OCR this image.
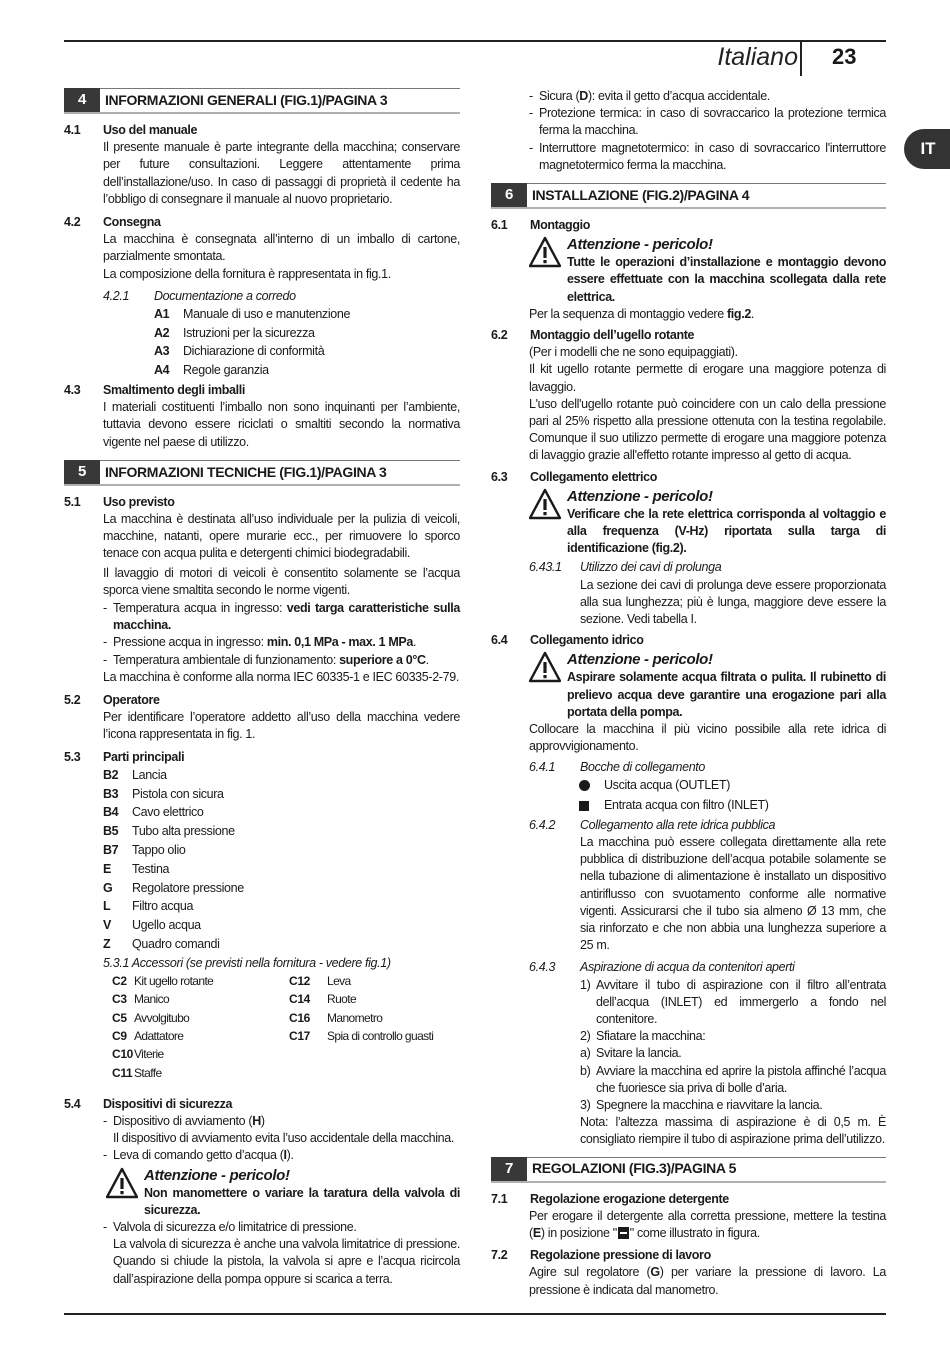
Italiano 23
IT
4	INFORMAZIONI GENERALI (FIG.1)/PAGINA 3
4.1	Uso del manuale
Il presente manuale è parte integrante della macchina; conservare per future consultazioni. Leggere attentamente prima dell’installazione/uso. In caso di passaggi di proprietà il cedente ha l’obbligo di consegnare il manuale al nuovo proprietario.
4.2	Consegna

La macchina è consegnata all’interno di un imballo di cartone, parzialmente smontata.

La composizione della fornitura è rappresentata in fig.1.

4.2.1	Documentazione a corredo
A1	Manuale di uso e manutenzione
A2	Istruzioni per la sicurezza
A3	Dichiarazione di conformità
A4	Regole garanzia
4.3	Smaltimento degli imballi
I materiali costituenti l’imballo non sono inquinanti per l’ambiente, tuttavia devono essere riciclati o smaltiti secondo la normativa vigente nel paese di utilizzo.
5	INFORMAZIONI TECNICHE (FIG.1)/PAGINA 3
5.1	Uso previsto

La macchina è destinata all’uso individuale per la pulizia di veicoli, macchine, natanti, opere murarie ecc., per rimuovere lo sporco tenace con acqua pulita e detergenti chimici biodegradabili.

Il lavaggio di motori di veicoli è consentito solamente se l’acqua sporca viene smaltita secondo le norme vigenti.

- Temperatura acqua in ingresso: vedi targa caratteristiche sulla macchina.
- Pressione acqua in ingresso: min. 0,1 MPa - max. 1 MPa.
- Temperatura ambientale di funzionamento: superiore a 0°C.

La macchina è conforme alla norma IEC 60335-1 e IEC 60335-2-79.

5.2	Operatore
Per identificare l’operatore addetto all’uso della macchina vedere l’icona rappresentata in fig. 1.
5.3	Parti principali
B2	Lancia
B3	Pistola con sicura
B4	Cavo elettrico
B5	Tubo alta pressione
B7	Tappo olio
E	Testina
G	Regolatore pressione
L	Filtro acqua
V	Ugello acqua
Z	Quadro comandi
5.3.1 Accessori (se previsti nella fornitura - vedere fig.1)
C2 Kit ugello rotante	C12	Leva
C3 Manico	C14	Ruote
C5 Avvolgitubo	C16	Manometro
C9 Adattatore	C17	Spia di controllo guasti
C10 Viterie
C11 Staffe
5.4	Dispositivi di sicurezza
- Dispositivo di avviamento (H)
Il dispositivo di avviamento evita l’uso accidentale della macchina.
- Leva di comando getto d’acqua (I).
Attenzione - pericolo!
Non manomettere o variare la taratura della valvola di sicurezza.
- Valvola di sicurezza e/o limitatrice di pressione.
La valvola di sicurezza è anche una valvola limitatrice di pressione. Quando si chiude la pistola, la valvola si apre e l’acqua ricircola dall’aspirazione della pompa oppure si scarica a terra.
- Sicura (D): evita il getto d’acqua accidentale.
- Protezione termica: in caso di sovraccarico la protezione termica ferma la macchina.
- Interruttore magnetotermico: in caso di sovraccarico l'interruttore magnetotermico ferma la macchina.
6	INSTALLAZIONE (FIG.2)/PAGINA 4
6.1	Montaggio
Attenzione - pericolo!
Tutte le operazioni d’installazione e montaggio devono essere effettuate con la macchina scollegata dalla rete elettrica.
Per la sequenza di montaggio vedere fig.2.
6.2	Montaggio dell’ugello rotante

(Per i modelli che ne sono equipaggiati).

Il kit ugello rotante permette di erogare una maggiore potenza di lavaggio.

L'uso dell'ugello rotante può coincidere con un calo della pressione pari al 25% rispetto alla pressione ottenuta con la testina regolabile. Comunque il suo utilizzo permette di erogare una maggiore potenza di lavaggio grazie all'effetto rotante impresso al getto di acqua.

6.3	Collegamento elettrico
Attenzione - pericolo!
Verificare che la rete elettrica corrisponda al voltaggio e alla frequenza (V-Hz) riportata sulla targa di identificazione (fig.2).
6.43.1	Utilizzo dei cavi di prolunga
La sezione dei cavi di prolunga deve essere proporzionata alla sua lunghezza; più è lunga, maggiore deve essere la sezione. Vedi tabella I.
6.4	Collegamento idrico
Attenzione - pericolo!
Aspirare solamente acqua filtrata o pulita. Il rubinetto di prelievo acqua deve garantire una erogazione pari alla portata della pompa.
Collocare la macchina il più vicino possibile alla rete idrica di approvvigionamento.
6.4.1	Bocche di collegamento
Uscita acqua (OUTLET)
Entrata acqua con filtro (INLET)
6.4.2	Collegamento alla rete idrica pubblica
La macchina può essere collegata direttamente alla rete pubblica di distribuzione dell’acqua potabile solamente se nella tubazione di alimentazione è installato un dispositivo antiriflusso con svuotamento conforme alle normative vigenti. Assicurarsi che il tubo sia almeno Ø 13 mm, che sia rinforzato e che non abbia una lunghezza superiore a 25 m.
6.4.3	Aspirazione di acqua da contenitori aperti
1) Avvitare il tubo di aspirazione con il filtro all’entrata dell’acqua (INLET) ed immergerlo a fondo nel contenitore.
2) Sfiatare la macchina:
a) Svitare la lancia.
b) Avviare la macchina ed aprire la pistola affinché l’acqua che fuoriesce sia priva di bolle d’aria.
3) Spegnere la macchina e riavvitare la lancia.
Nota: l’altezza massima di aspirazione è di 0,5 m. È consigliato riempire il tubo di aspirazione prima dell’utilizzo.
7	REGOLAZIONI (FIG.3)/PAGINA 5
7.1	Regolazione erogazione detergente
Per erogare il detergente alla corretta pressione, mettere la testina (E) in posizione " " come illustrato in figura.
7.2	Regolazione pressione di lavoro
Agire sul regolatore (G) per variare la pressione di lavoro. La pressione è indicata dal manometro.
